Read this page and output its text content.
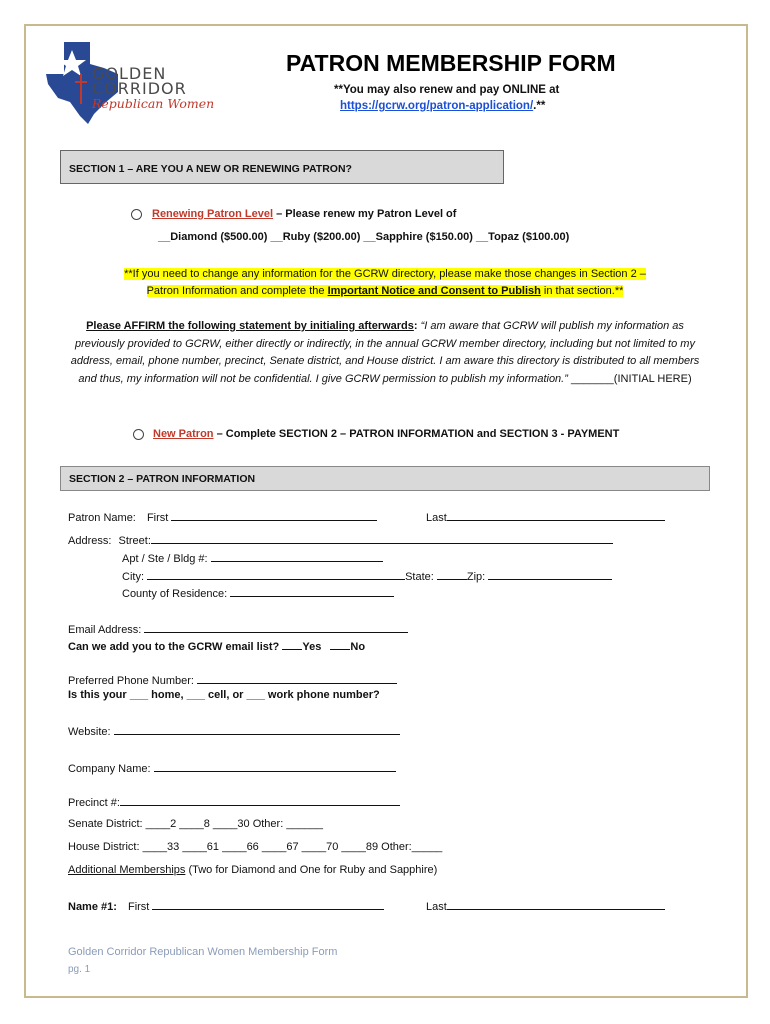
GOLDEN
CORRIDOR
Republican Women
PATRON MEMBERSHIP FORM
**You may also renew and pay ONLINE at
https://gcrw.org/patron-application/.**
SECTION 1 – ARE YOU A NEW OR RENEWING PATRON?
Renewing Patron Level – Please renew my Patron Level of
__Diamond ($500.00) __Ruby ($200.00) __Sapphire ($150.00) __Topaz ($100.00)
**If you need to change any information for the GCRW directory, please make those changes in Section 2 –
Patron Information and complete the Important Notice and Consent to Publish in that section.**
Please AFFIRM the following statement by initialing afterwards: “I am aware that GCRW will publish my information as previously provided to GCRW, either directly or indirectly, in the annual GCRW member directory, including but not limited to my address, email, phone number, precinct, Senate district, and House district. I am aware this directory is distributed to all members and thus, my information will not be confidential. I give GCRW permission to publish my information.” _______(INITIAL HERE)
New Patron – Complete SECTION 2 – PATRON INFORMATION and SECTION 3 - PAYMENT
SECTION 2 – PATRON INFORMATION
Patron Name: First	Last
Address: Street:
Apt / Ste / Bldg #:
City:	State:	Zip:
County of Residence:
Email Address:
Can we add you to the GCRW email list? Yes	No
Preferred Phone Number:
Is this your ___ home, ___ cell, or ___ work phone number?
Website:
Company Name:
Precinct #:
Senate District: ____2 ____8 ____30 Other: ______
House District: ____33 ____61 ____66 ____67 ____70 ____89 Other:_____
Additional Memberships (Two for Diamond and One for Ruby and Sapphire)
Name #1: First	Last
Golden Corridor Republican Women Membership Form
pg. 1
